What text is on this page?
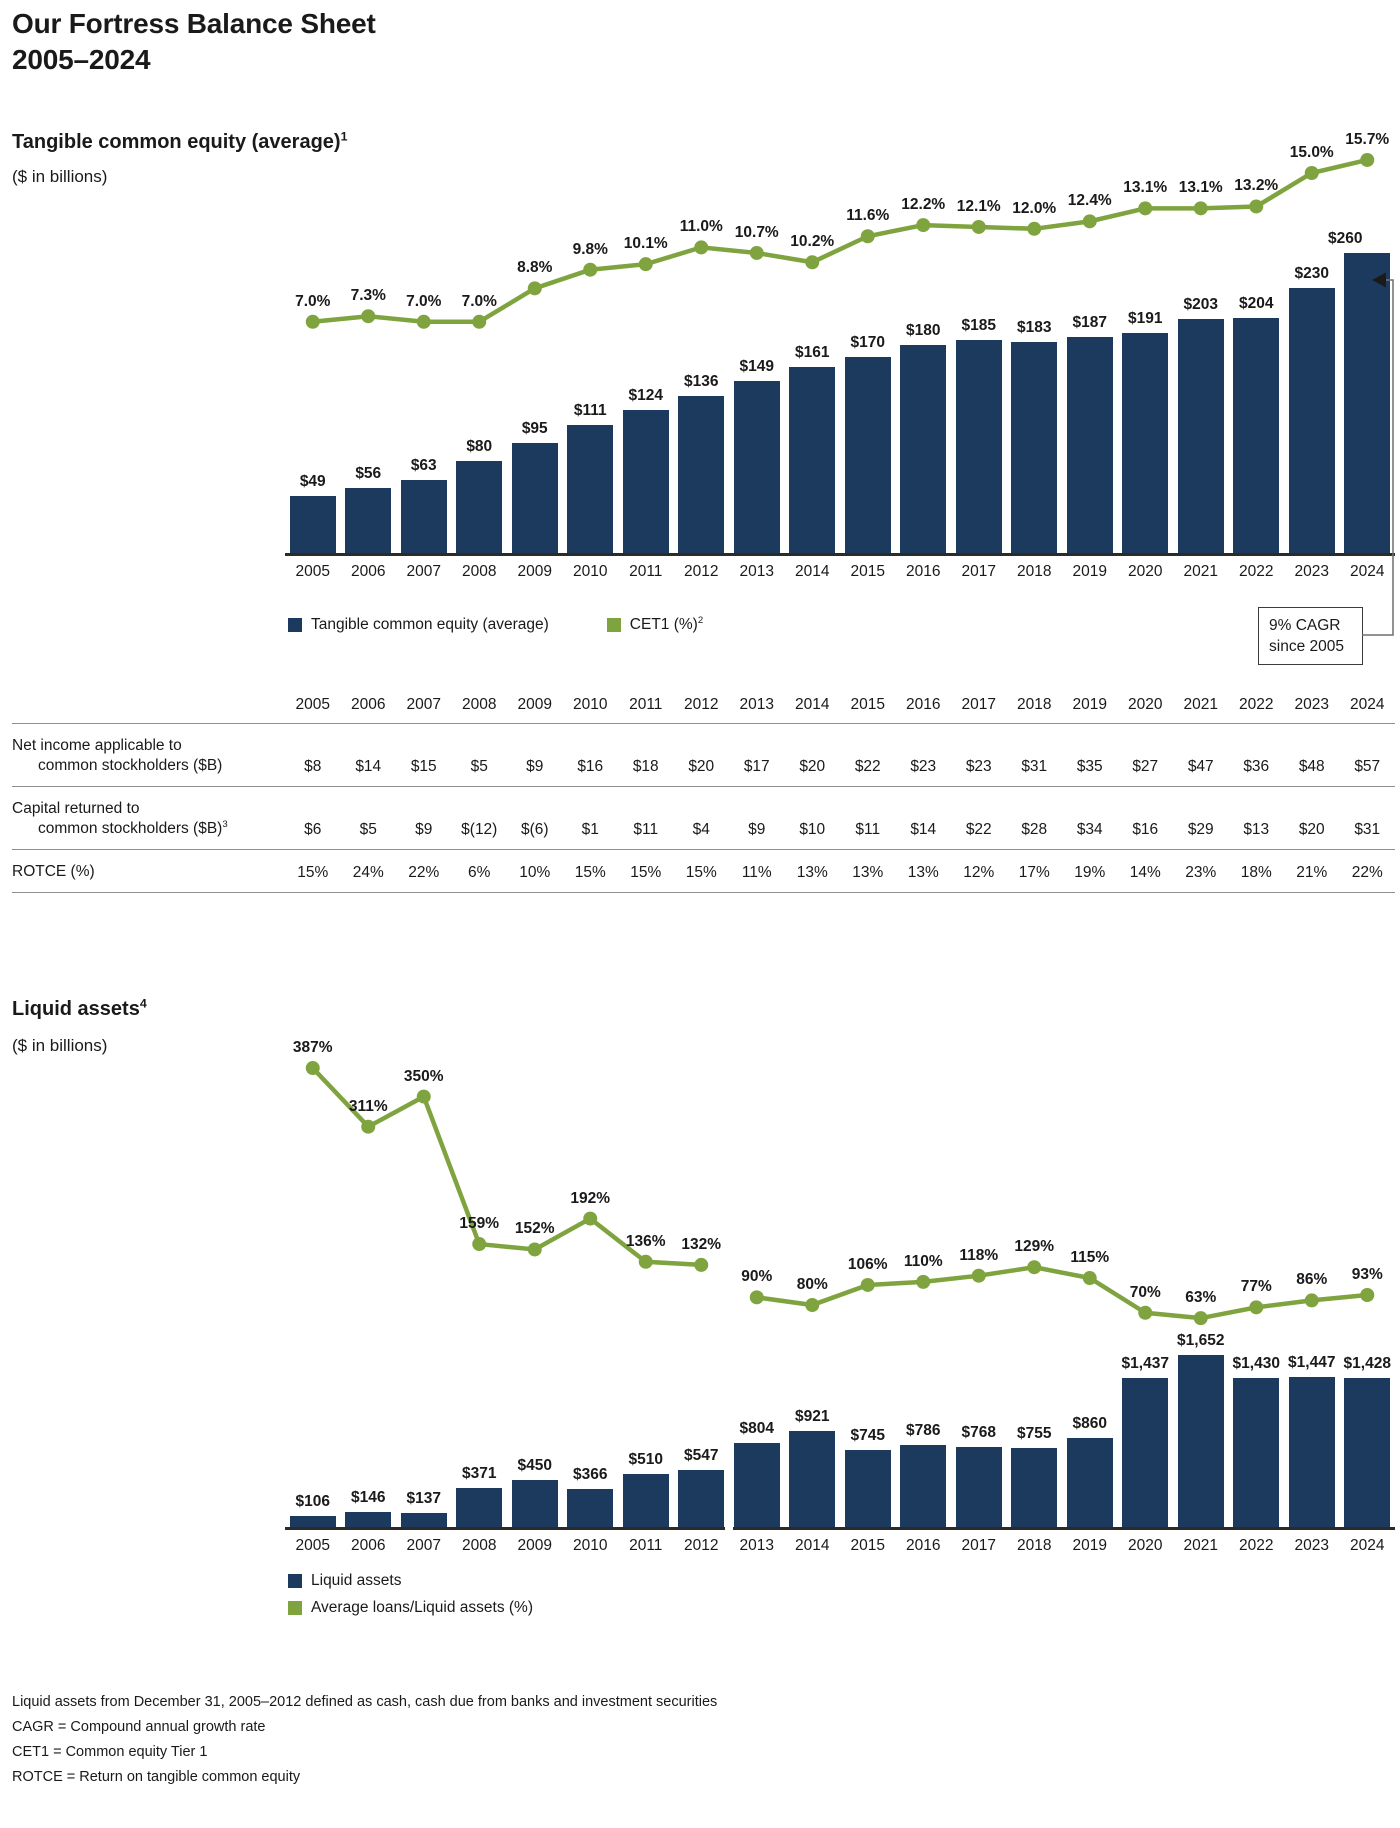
Our Fortress Balance Sheet
2005–2024
Tangible common equity (average)$^1$
($ in billions)
$49	$56	$63
$80
$95
$111
$124
$136
$149
$161
$170
$180	$185	$183	$187	$191
$203	$204
$230
$260
2005	2006	2007	2008	2009	2010	2011	2012	2013	2014	2015	2016	2017	2018	2019	2020	2021	2022	2023	2024
7.0%	7.3%	7.0%	7.0%
8.8%
9.8%	10.1%
11.0% 10.7%
10.2%
11.6%
12.2% 12.1% 12.0% 12.4%
13.1% 13.1% 13.2%
15.0%
15.7%
Tangible common equity (average)	CET1 (%)$^2$	9% CAGR
since 2005
2005	2006	2007	2008	2009	2010	2011	2012	2013	2014	2015	2016	2017	2018	2019	2020	2021	2022	2023	2024
Net income applicable to
common stockholders ($B)	$8	$14	$15	$5	$9	$16	$18	$20	$17	$20	$22	$23	$23	$31	$35	$27	$47	$36	$48	$57
Capital returned to
common stockholders ($B)$^3$	$6	$5	$9	$(12)	$(6)	$1	$11	$4	$9	$10	$11	$14	$22	$28	$34	$16	$29	$13	$20	$31
ROTCE (%)	15%	24%	22%	6%	10%	15%	15%	15%	11%	13%	13%	13%	12%	17%	19%	14%	23%	18%	21%	22%
Liquid assets$^4$
($ in billions)
$106	$146	$137
$371	$450
$366
$510	$547
$804
$921
$745	$786	$768	$755
$860
$1,437
$1,652
$1,430 $1,447 $1,428
2005	2006	2007	2008	2009	2010	2011	2012	2013	2014	2015	2016	2017	2018	2019	2020	2021	2022	2023	2024
387%
311%
350%
159%	152%
192%
136%	132%
90%	80%
106%	110%	118%	129%
115%
70%	63%
77%	86%	93%
Liquid assets
Average loans/Liquid assets (%)
Liquid assets from December 31, 2005–2012 defined as cash, cash due from banks and investment securities
CAGR = Compound annual growth rate
CET1 = Common equity Tier 1
ROTCE = Return on tangible common equity
